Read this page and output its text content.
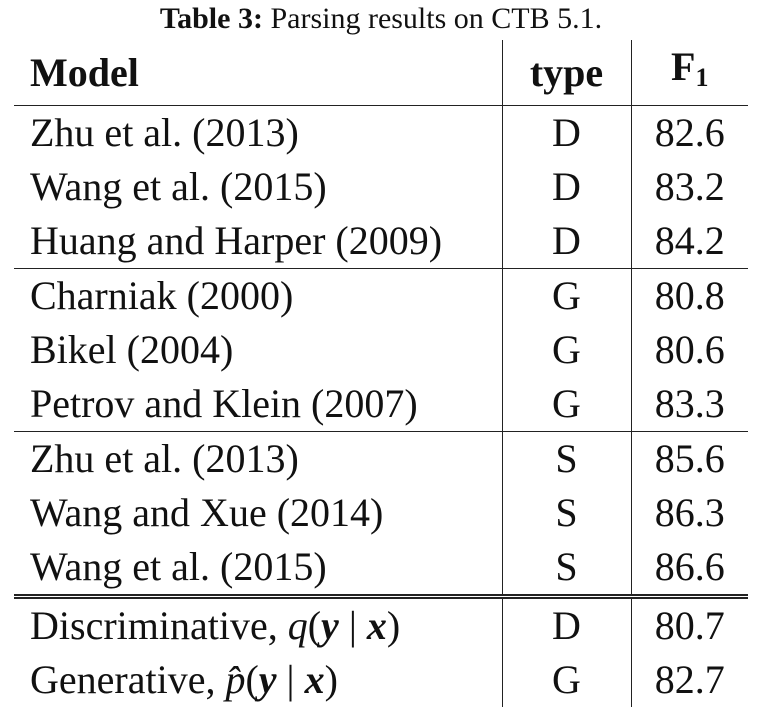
Table 3: Parsing results on CTB 5.1.
Model	type	$F_1$
Zhu et al. (2013)	D	82.6
Wang et al. (2015)	D	83.2
Huang and Harper (2009)	D	84.2
Charniak (2000)	G	80.8
Bikel (2004)	G	80.6
Petrov and Klein (2007)	G	83.3
Zhu et al. (2013)	S	85.6
Wang and Xue (2014)	S	86.3
Wang et al. (2015)	S	86.6
Discriminative, q(y | x)	D	80.7
Generative, p̂(y | x)	G	82.7
